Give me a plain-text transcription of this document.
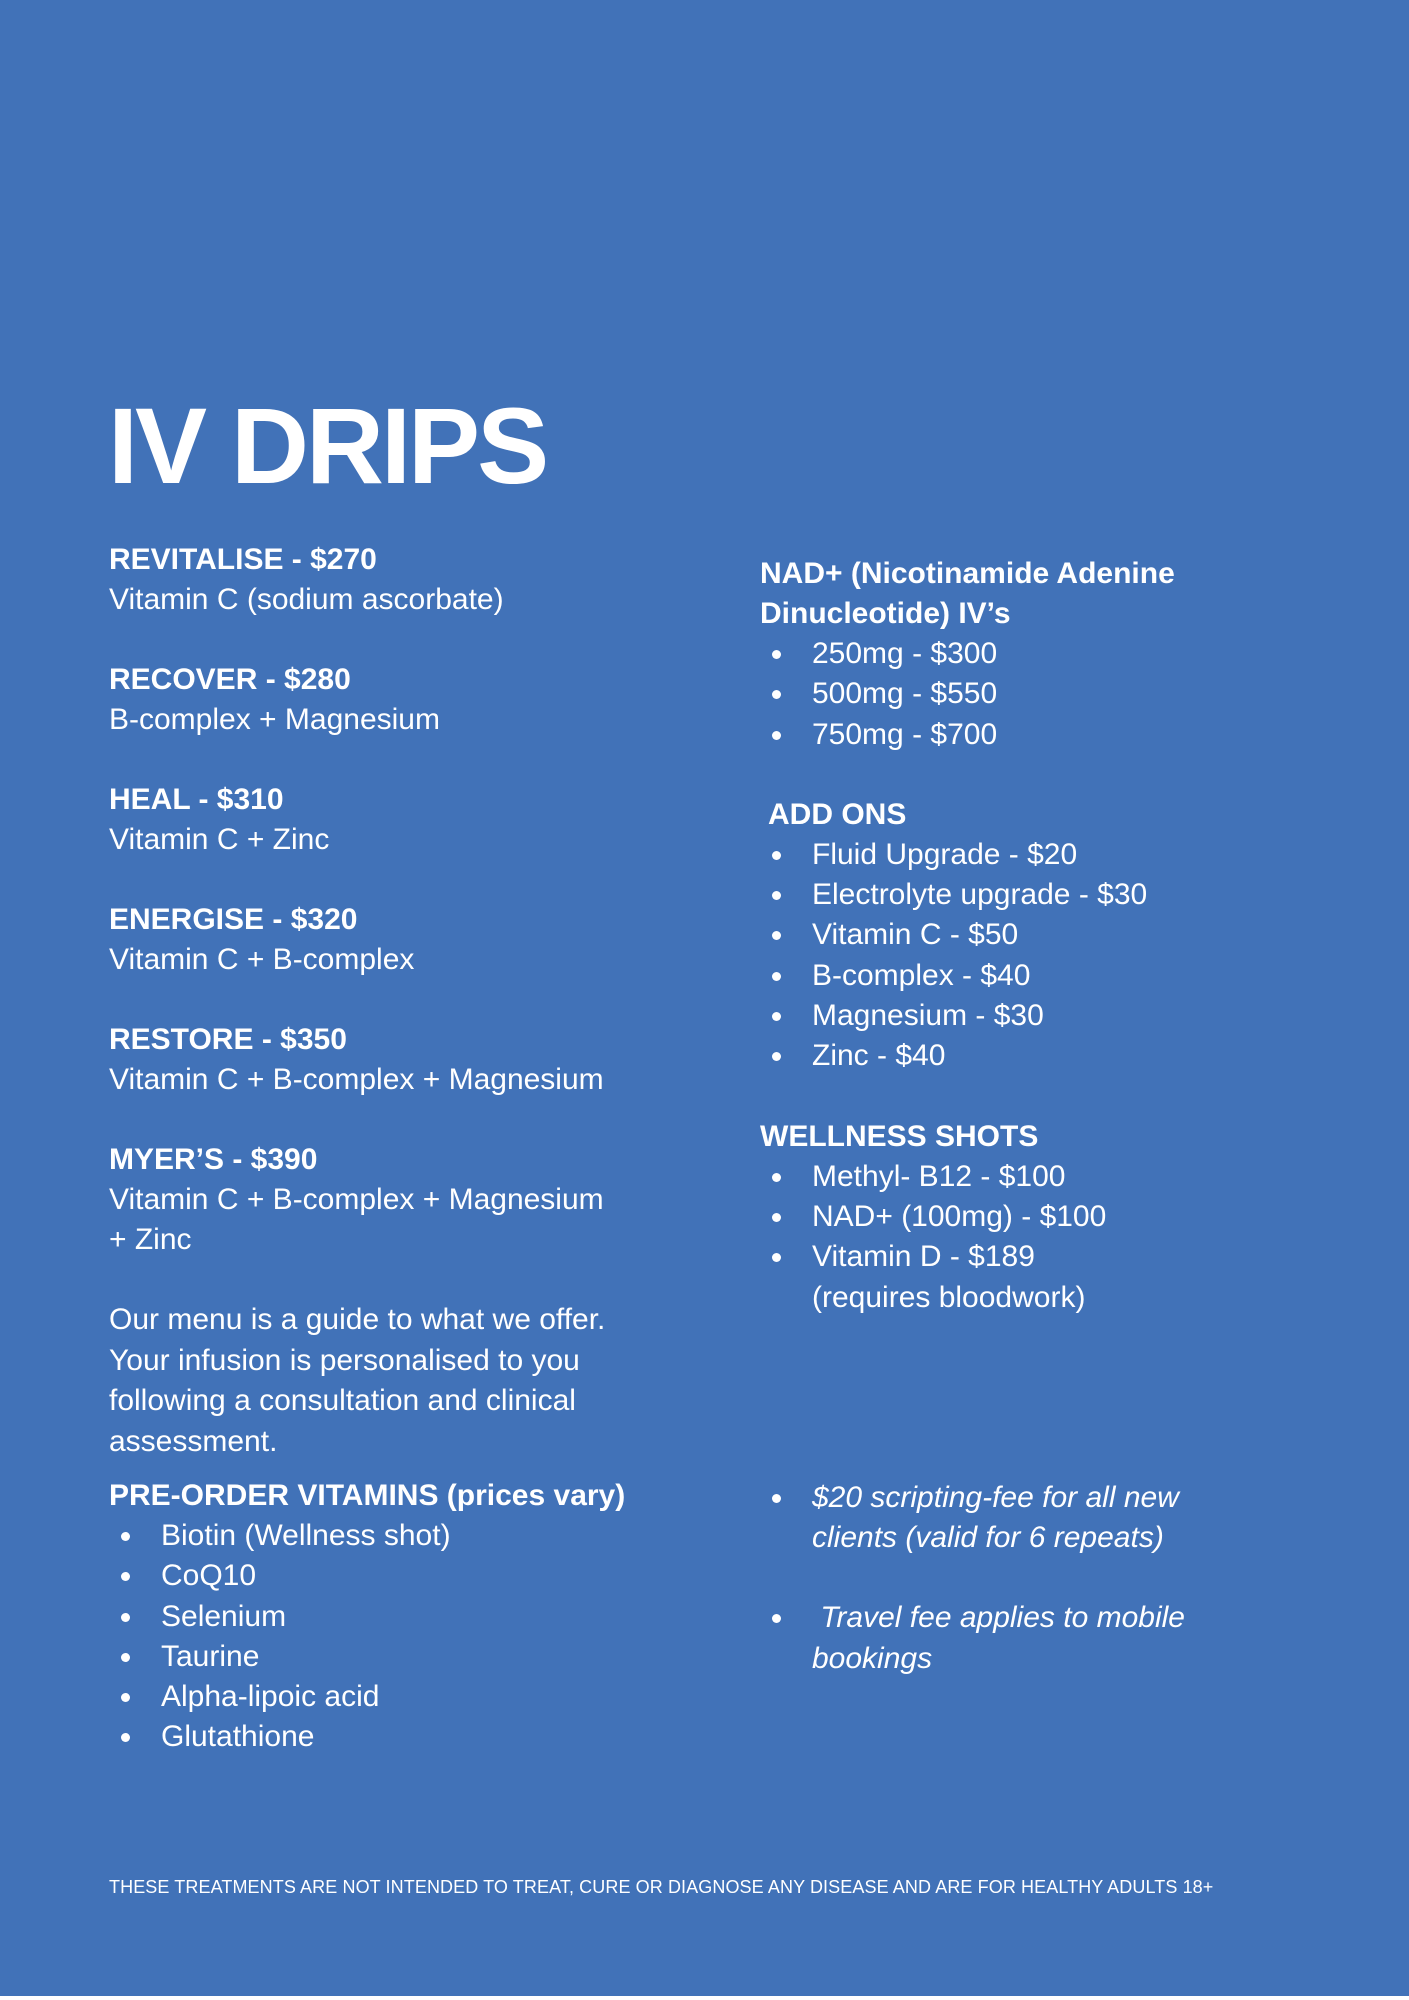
IV DRIPS
REVITALISE - $270
Vitamin C (sodium ascorbate)
RECOVER - $280
B-complex + Magnesium
HEAL - $310
Vitamin C + Zinc
ENERGISE - $320
Vitamin C + B-complex
RESTORE - $350
Vitamin C + B-complex + Magnesium
MYER’S - $390
Vitamin C + B-complex + Magnesium
+ Zinc
Our menu is a guide to what we offer.
Your infusion is personalised to you
following a consultation and clinical
assessment.
PRE-ORDER VITAMINS (prices vary)
Biotin (Wellness shot)
CoQ10
Selenium
Taurine
Alpha-lipoic acid
Glutathione
NAD+ (Nicotinamide Adenine
Dinucleotide) IV’s
250mg - $300
500mg - $550
750mg - $700
ADD ONS
Fluid Upgrade - $20
Electrolyte upgrade - $30
Vitamin C - $50
B-complex - $40
Magnesium - $30
Zinc - $40
WELLNESS SHOTS
Methyl- B12 - $100
NAD+ (100mg) - $100
Vitamin D - $189
(requires bloodwork)
$20 scripting-fee for all new
clients (valid for 6 repeats)
Travel fee applies to mobile
bookings
THESE TREATMENTS ARE NOT INTENDED TO TREAT, CURE OR DIAGNOSE ANY DISEASE AND ARE FOR HEALTHY ADULTS 18+
